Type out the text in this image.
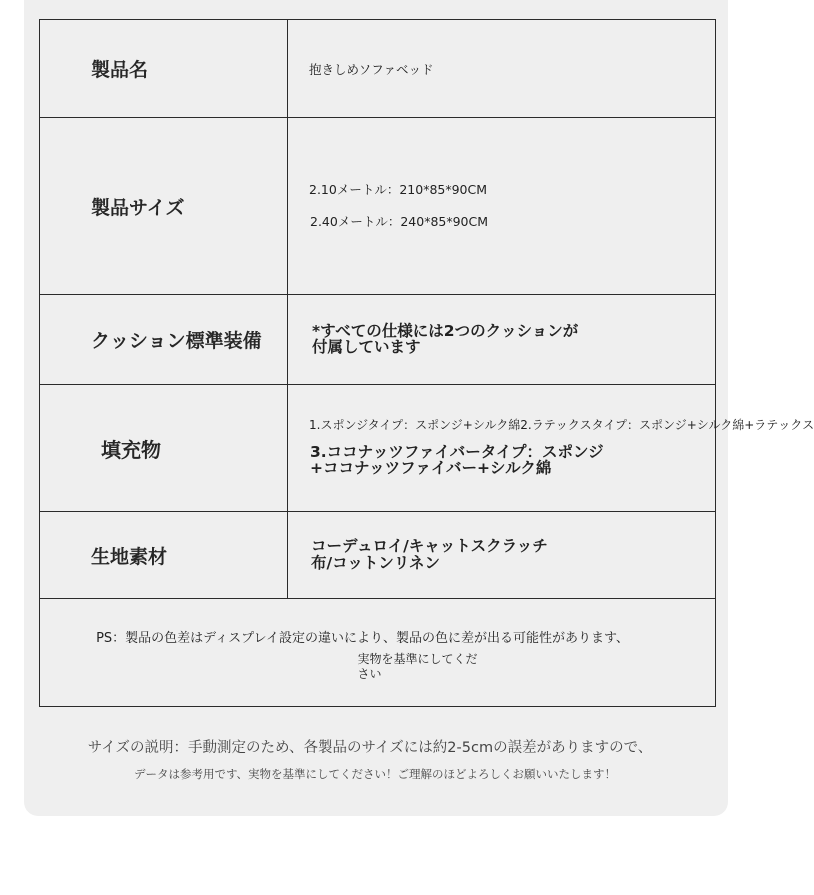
製品名	抱きしめソファベッド
製品サイズ	2.10メートル：210*85*90CM
2.40メートル：240*85*90CM

クッション標準装備	*すべての仕様には2つのクッションが付属しています

填充物	1.スポンジタイプ：スポンジ+シルク綿2.ラテックスタイプ：スポンジ+シルク綿+ラテックス
3.ココナッツファイバータイプ：スポンジ+ココナッツファイバー+シルク綿

生地素材	コーデュロイ/キャットスクラッチ布/コットンリネン

PS：製品の色差はディスプレイ設定の違いにより、製品の色に差が出る可能性があります、
実物を基準にしてください	
サイズの説明：手動測定のため、各製品のサイズには約2-5cmの誤差がありますので、
データは参考用です、実物を基準にしてください！ご理解のほどよろしくお願いいたします！
